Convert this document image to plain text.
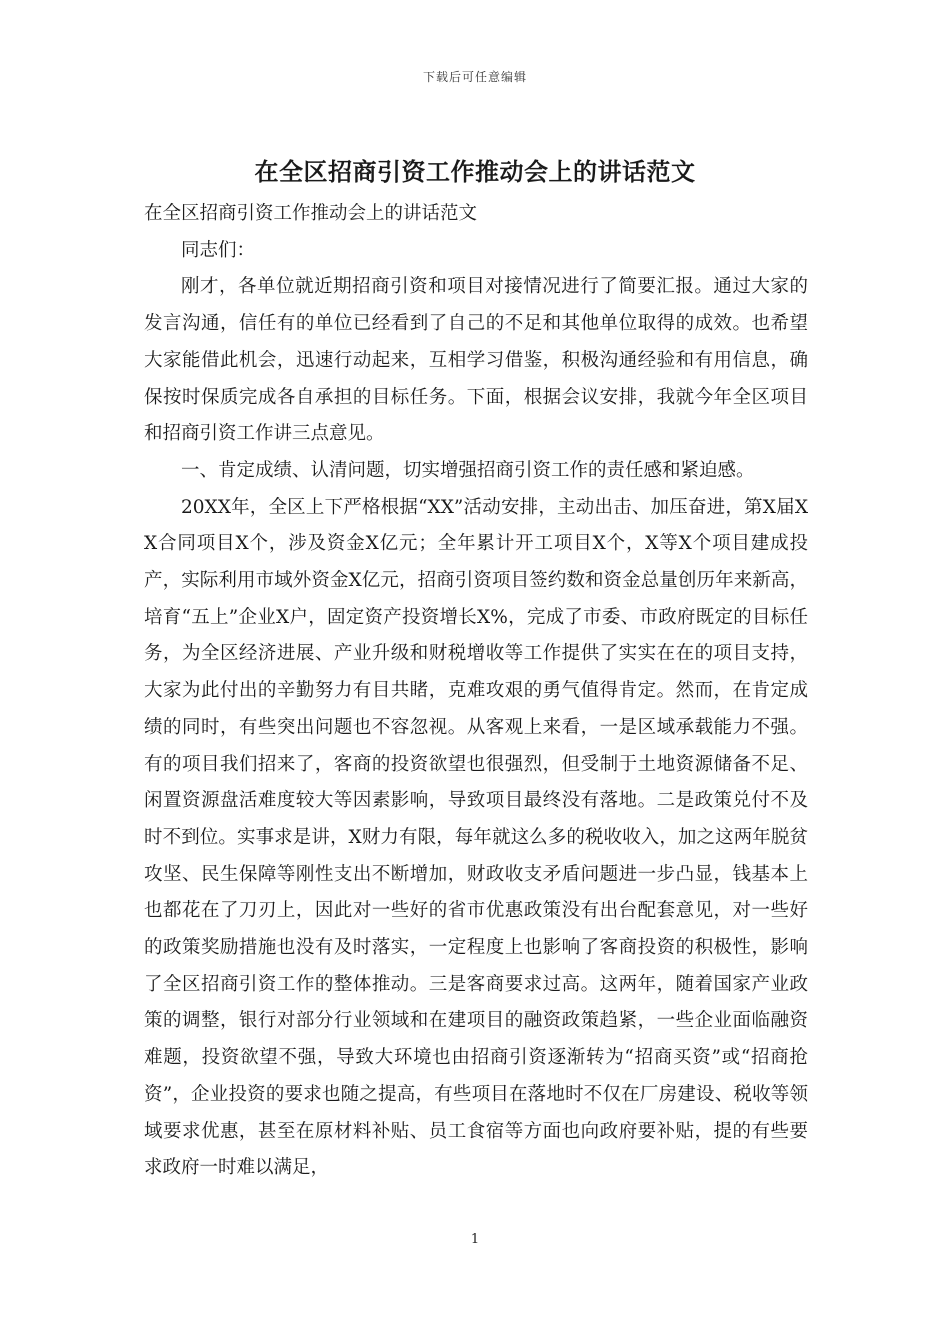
下载后可任意编辑
在全区招商引资工作推动会上的讲话范文

在全区招商引资工作推动会上的讲话范文

同志们：

刚才，各单位就近期招商引资和项目对接情况进行了简要汇报。通过大家的发言沟通，信任有的单位已经看到了自己的不足和其他单位取得的成效。也希望大家能借此机会，迅速行动起来，互相学习借鉴，积极沟通经验和有用信息，确保按时保质完成各自承担的目标任务。下面，根据会议安排，我就今年全区项目和招商引资工作讲三点意见。

一、肯定成绩、认清问题，切实增强招商引资工作的责任感和紧迫感。

20XX年，全区上下严格根据“XX”活动安排，主动出击、加压奋进，第X届XX合同项目X个，涉及资金X亿元；全年累计开工项目X个，X等X个项目建成投产，实际利用市域外资金X亿元，招商引资项目签约数和资金总量创历年来新高，培育“五上”企业X户，固定资产投资增长X%，完成了市委、市政府既定的目标任务，为全区经济进展、产业升级和财税增收等工作提供了实实在在的项目支持，大家为此付出的辛勤努力有目共睹，克难攻艰的勇气值得肯定。然而，在肯定成绩的同时，有些突出问题也不容忽视。从客观上来看，一是区域承载能力不强。有的项目我们招来了，客商的投资欲望也很强烈，但受制于土地资源储备不足、闲置资源盘活难度较大等因素影响，导致项目最终没有落地。二是政策兑付不及时不到位。实事求是讲，X财力有限，每年就这么多的税收收入，加之这两年脱贫攻坚、民生保障等刚性支出不断增加，财政收支矛盾问题进一步凸显，钱基本上也都花在了刀刃上，因此对一些好的省市优惠政策没有出台配套意见，对一些好的政策奖励措施也没有及时落实，一定程度上也影响了客商投资的积极性，影响了全区招商引资工作的整体推动。三是客商要求过高。这两年，随着国家产业政策的调整，银行对部分行业领域和在建项目的融资政策趋紧，一些企业面临融资难题，投资欲望不强，导致大环境也由招商引资逐渐转为“招商买资”或“招商抢资”，企业投资的要求也随之提高，有些项目在落地时不仅在厂房建设、税收等领域要求优惠，甚至在原材料补贴、员工食宿等方面也向政府要补贴，提的有些要求政府一时难以满足，

1
